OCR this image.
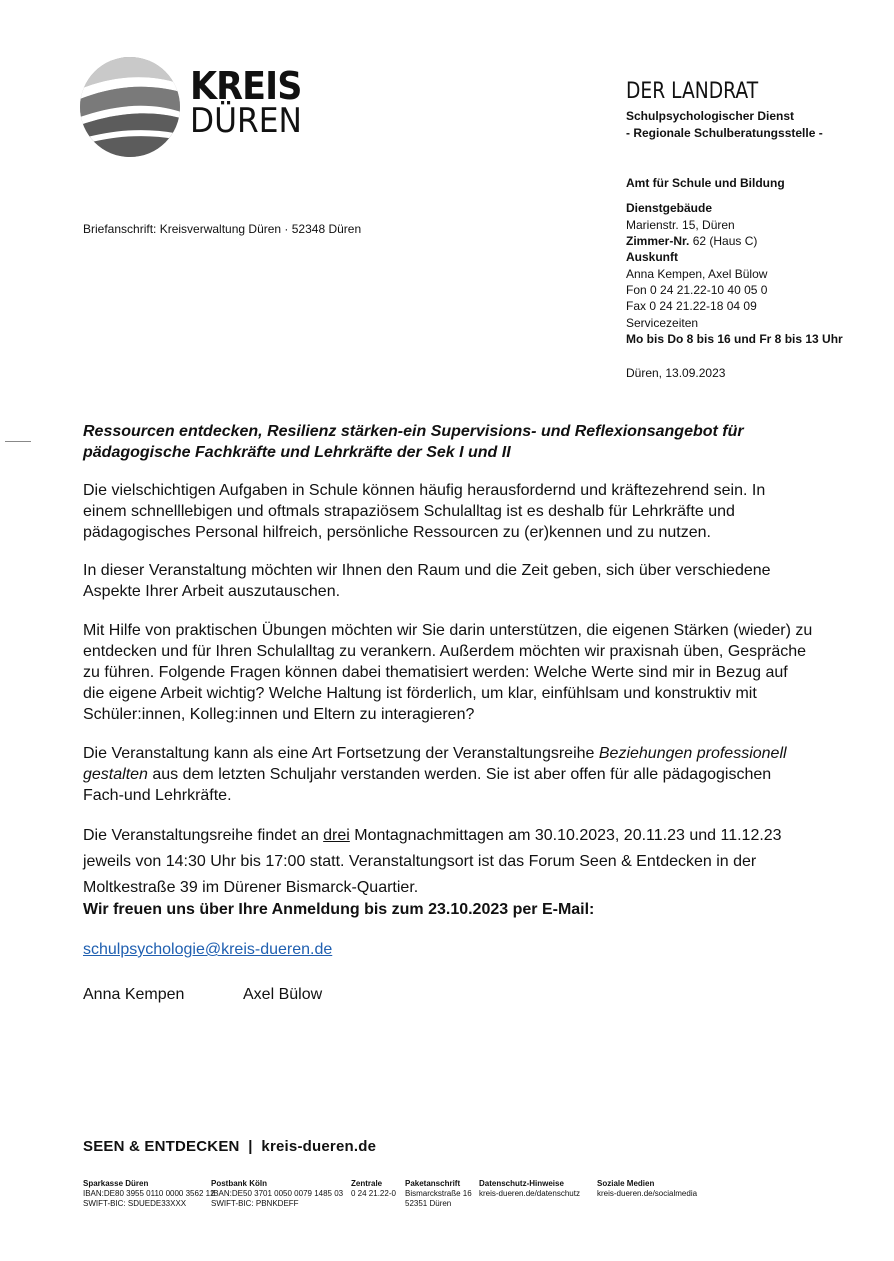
KREIS
DÜREN
DER LANDRAT
Schulpsychologischer Dienst
- Regionale Schulberatungsstelle -
Amt für Schule und Bildung
Dienstgebäude
Marienstr. 15, Düren
Zimmer-Nr. 62 (Haus C)
Auskunft
Anna Kempen, Axel Bülow
Fon 0 24 21.22-10 40 05 0
Fax 0 24 21.22-18 04 09
Servicezeiten
Mo bis Do 8 bis 16 und Fr 8 bis 13 Uhr
Düren, 13.09.2023
Briefanschrift: Kreisverwaltung Düren · 52348 Düren
Ressourcen entdecken, Resilienz stärken-ein Supervisions- und Reflexionsangebot für pädagogische Fachkräfte und Lehrkräfte der Sek I und II
Die vielschichtigen Aufgaben in Schule können häufig herausfordernd und kräftezehrend sein. In einem schnelllebigen und oftmals strapaziösem Schulalltag ist es deshalb für Lehrkräfte und pädagogisches Personal hilfreich, persönliche Ressourcen zu (er)kennen und zu nutzen.
In dieser Veranstaltung möchten wir Ihnen den Raum und die Zeit geben, sich über verschiedene Aspekte Ihrer Arbeit auszutauschen.
Mit Hilfe von praktischen Übungen möchten wir Sie darin unterstützen, die eigenen Stärken (wieder) zu entdecken und für Ihren Schulalltag zu verankern. Außerdem möchten wir praxisnah üben, Gespräche zu führen. Folgende Fragen können dabei thematisiert werden: Welche Werte sind mir in Bezug auf die eigene Arbeit wichtig? Welche Haltung ist förderlich, um klar, einfühlsam und konstruktiv mit Schüler:innen, Kolleg:innen und Eltern zu interagieren?
Die Veranstaltung kann als eine Art Fortsetzung der Veranstaltungsreihe Beziehungen professionell gestalten aus dem letzten Schuljahr verstanden werden. Sie ist aber offen für alle pädagogischen Fach-und Lehrkräfte.
Die Veranstaltungsreihe findet an drei Montagnachmittagen am 30.10.2023, 20.11.23 und 11.12.23 jeweils von 14:30 Uhr bis 17:00 statt. Veranstaltungsort ist das Forum Seen & Entdecken in der Moltkestraße 39 im Dürener Bismarck-Quartier.
Wir freuen uns über Ihre Anmeldung bis zum 23.10.2023 per E-Mail:
schulpsychologie@kreis-dueren.de
Anna Kempen	Axel Bülow
SEEN & ENTDECKEN  |  kreis-dueren.de
Sparkasse Düren
IBAN:DE80 3955 0110 0000 3562 12
SWIFT-BIC: SDUEDE33XXX
Postbank Köln
IBAN:DE50 3701 0050 0079 1485 03
SWIFT-BIC: PBNKDEFF
Zentrale
0 24 21.22-0
Paketanschrift
Bismarckstraße 16
52351 Düren
Datenschutz-Hinweise
kreis-dueren.de/datenschutz
Soziale Medien
kreis-dueren.de/socialmedia
